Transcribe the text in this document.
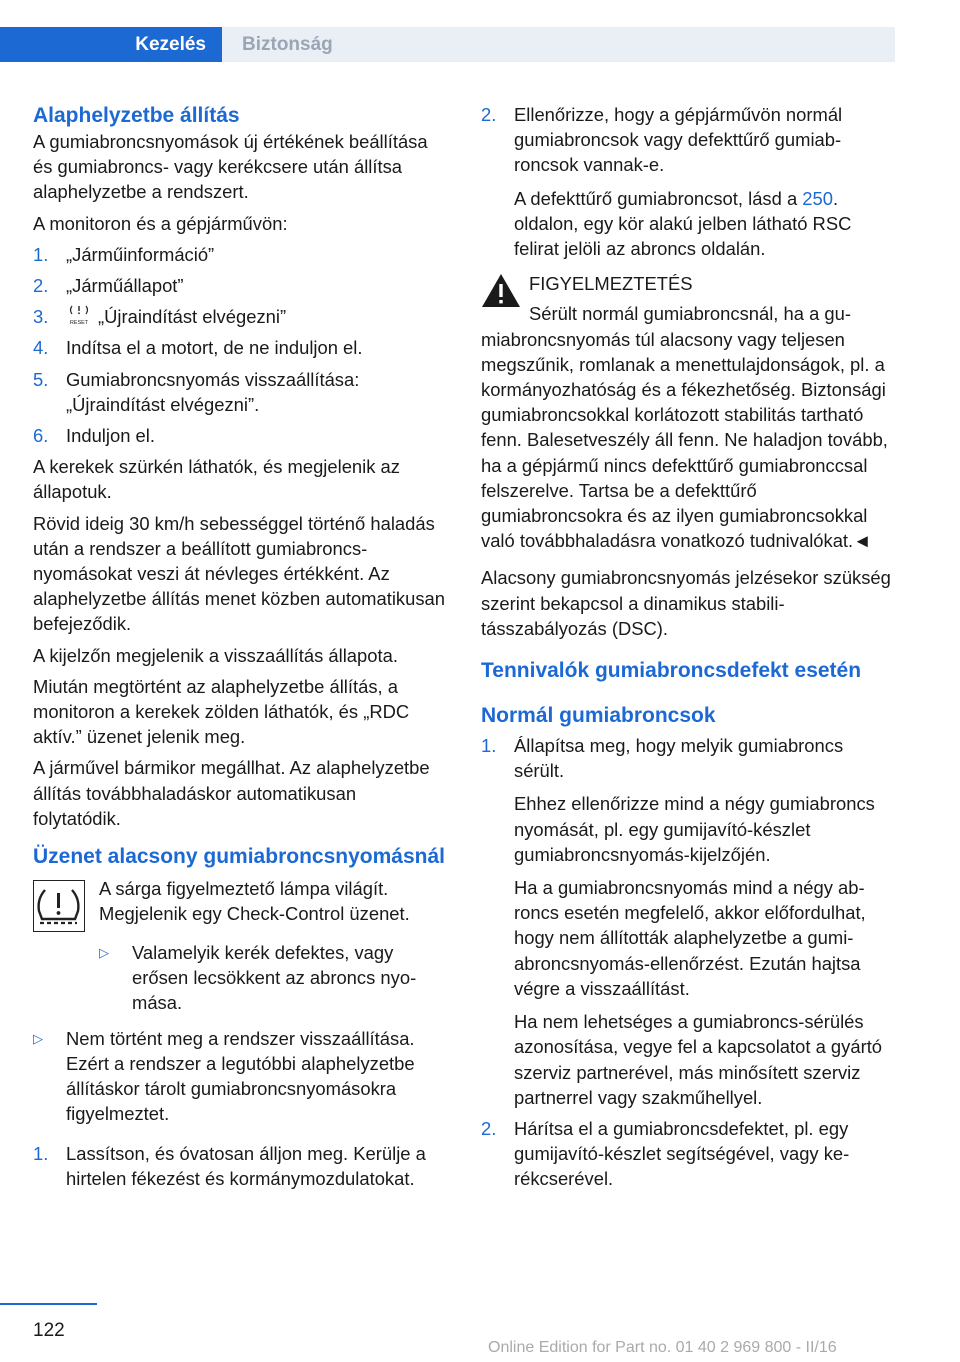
Kezelés	Biztonság
Alaphelyzetbe állítás

A gumiabroncsnyomások új értékének beállítása és gumiabroncs- vagy kerékcsere után állítsa alaphelyzetbe a rendszert.

A monitoron és a gépjárművön:

1. „Járműinformáció”
2. „Járműállapot”
3.	RESET „Újraindítást elvégezni”
4. Indítsa el a motort, de ne induljon el.
5. Gumiabroncsnyomás visszaállítása: „Újraindítást elvégezni”.
6. Induljon el.

A kerekek szürkén láthatók, és megjelenik az állapotuk.

Rövid ideig 30 km/h sebességgel történő haladás után a rendszer a beállított gumiabroncsnyomásokat veszi át névleges értékként. Az alaphelyzetbe állítás menet közben automatikusan befejeződik.

A kijelzőn megjelenik a visszaállítás állapota.

Miután megtörtént az alaphelyzetbe állítás, a monitoron a kerekek zölden láthatók, és „RDC aktív.” üzenet jelenik meg.

A járművel bármikor megállhat. Az alaphelyzetbe állítás továbbhaladáskor automatikusan folytatódik.

Üzenet alacsony gumiabroncsnyomásnál

A sárga figyelmeztető lámpa világít. Megjelenik egy Check-Control üzenet.

▷ Valamelyik kerék defektes, vagy erősen lecsökkent az abroncs nyomása.
▷ Nem történt meg a rendszer visszaállítása. Ezért a rendszer a legutóbbi alaphelyzetbe állításkor tárolt gumiabroncsnyomásokra figyelmeztet.
1. Lassítson, és óvatosan álljon meg. Kerülje a hirtelen fékezést és kormánymozdulatokat.
2. Ellenőrizze, hogy a gépjárművön normál gumiabroncsok vagy defekttűrő gumiabroncsok vannak-e.

A defekttűrő gumiabroncsot, lásd a 250. oldalon, egy kör alakú jelben látható RSC felirat jelöli az abroncs oldalán.

FIGYELMEZTETÉS

Sérült normál gumiabroncsnál, ha a gumiabroncsnyomás túl alacsony vagy teljesen megszűnik, romlanak a menettulajdonságok, pl. a kormányozhatóság és a fékezhetőség. Biztonsági gumiabroncsokkal korlátozott stabilitás tartható fenn. Balesetveszély áll fenn. Ne haladjon tovább, ha a gépjármű nincs defekttűrő gumiabronccsal felszerelve. Tartsa be a defekttűrő gumiabroncsokra és az ilyen gumiabroncsokkal való továbbhaladásra vonatkozó tudnivalókat.◄

Alacsony gumiabroncsnyomás jelzésekor szükség szerint bekapcsol a dinamikus stabilitásszabályozás (DSC).

Tennivalók gumiabroncsdefekt esetén
Normál gumiabroncsok
1. Állapítsa meg, hogy melyik gumiabroncs sérült.

Ehhez ellenőrizze mind a négy gumiabroncs nyomását, pl. egy gumijavító-készlet gumiabroncsnyomás-kijelzőjén.

Ha a gumiabroncsnyomás mind a négy abroncs esetén megfelelő, akkor előfordulhat, hogy nem állították alaphelyzetbe a gumiabroncsnyomás-ellenőrzést. Ezután hajtsa végre a visszaállítást.

Ha nem lehetséges a gumiabroncs-sérülés azonosítása, vegye fel a kapcsolatot a gyártó szerviz partnerével, más minősített szerviz partnerrel vagy szakműhellyel.

2. Hárítsa el a gumiabroncsdefektet, pl. egy gumijavító-készlet segítségével, vagy kerékcserével.

122
Online Edition for Part no. 01 40 2 969 800 - II/16
